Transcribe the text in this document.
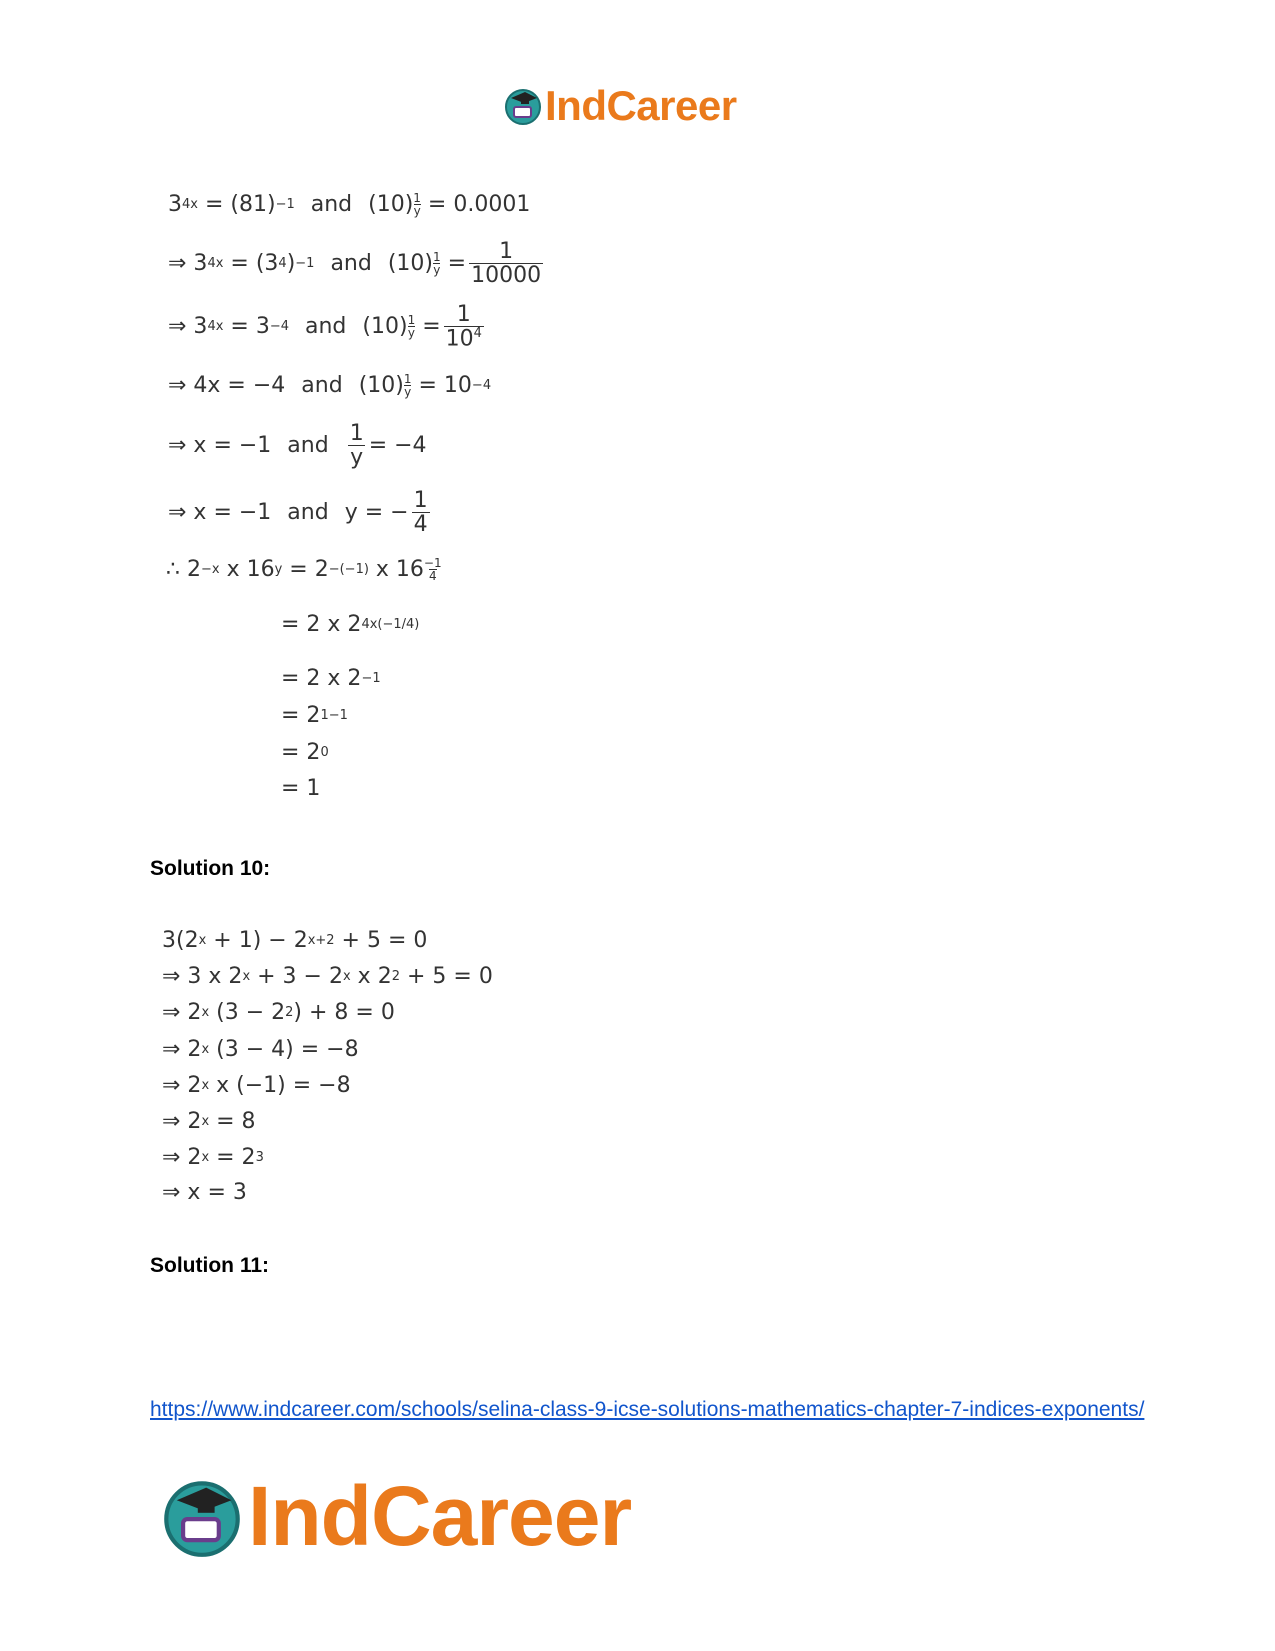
IndCareer
3 4x = (81) −1 and $(10) \frac{1}{y} = 0.0001$
⇒ 3 4x = (3 4 ) −1 and $(10) \frac{1}{y} = \frac{1}{10000}$
⇒ 3 4x = 3 −4 and $(10) \frac{1}{y} = \frac{1}{10^4}$
⇒ 4x = −4 and $(10) \frac{1}{y} = 10 -4$
⇒ x = −1 and $\frac{1}{y} = -4$
⇒ x = −1 and y = − $\frac{1}{4}$
∴ 2 −x x 16 y = 2 −(−1) x $16 \frac{-1}{4}$
= 2 x 2 4x(−1/4)
= 2 x 2 −1
= 2 1−1
= 2 0
= 1
Solution 10:
3(2 x + 1) − 2 x+2 + 5 = 0
⇒ 3 x 2 x + 3 − 2 x x 2 2 + 5 = 0
⇒ 2 x (3 − 2 2 ) + 8 = 0
⇒ 2 x (3 − 4) = −8
⇒ 2 x x (−1) = −8
⇒ 2 x = 8
⇒ 2 x = 2 3
⇒ x = 3
Solution 11:
https://www.indcareer.com/schools/selina-class-9-icse-solutions-mathematics-chapter-7-indices-exponents/
IndCareer
